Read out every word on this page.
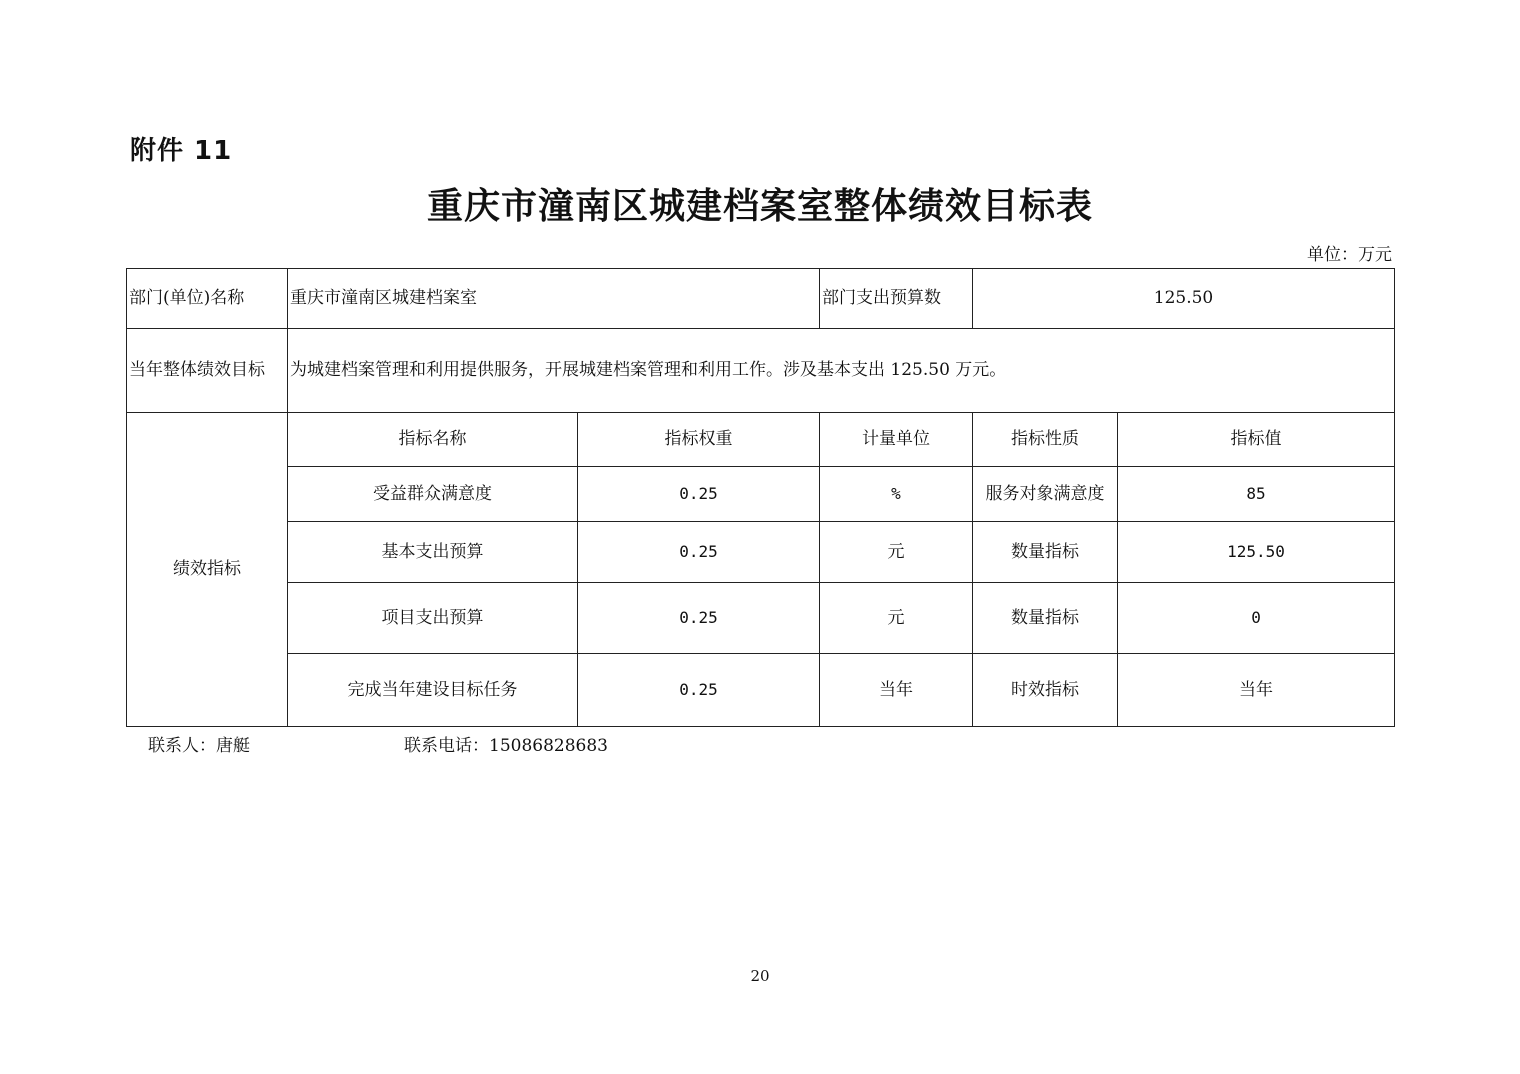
附件 11
重庆市潼南区城建档案室整体绩效目标表
单位：万元
部门(单位)名称	重庆市潼南区城建档案室		部门支出预算数	125.50	
当年整体绩效目标	为城建档案管理和利用提供服务，开展城建档案管理和利用工作。涉及基本支出 125.50 万元。				
绩效指标	指标名称	指标权重	计量单位	指标性质	指标值
	受益群众满意度	0.25	%	服务对象满意度	85
	基本支出预算	0.25	元	数量指标	125.50
	项目支出预算	0.25	元	数量指标	0
	完成当年建设目标任务	0.25	当年	时效指标	当年
联系人：唐艇	联系电话：15086828683
20
